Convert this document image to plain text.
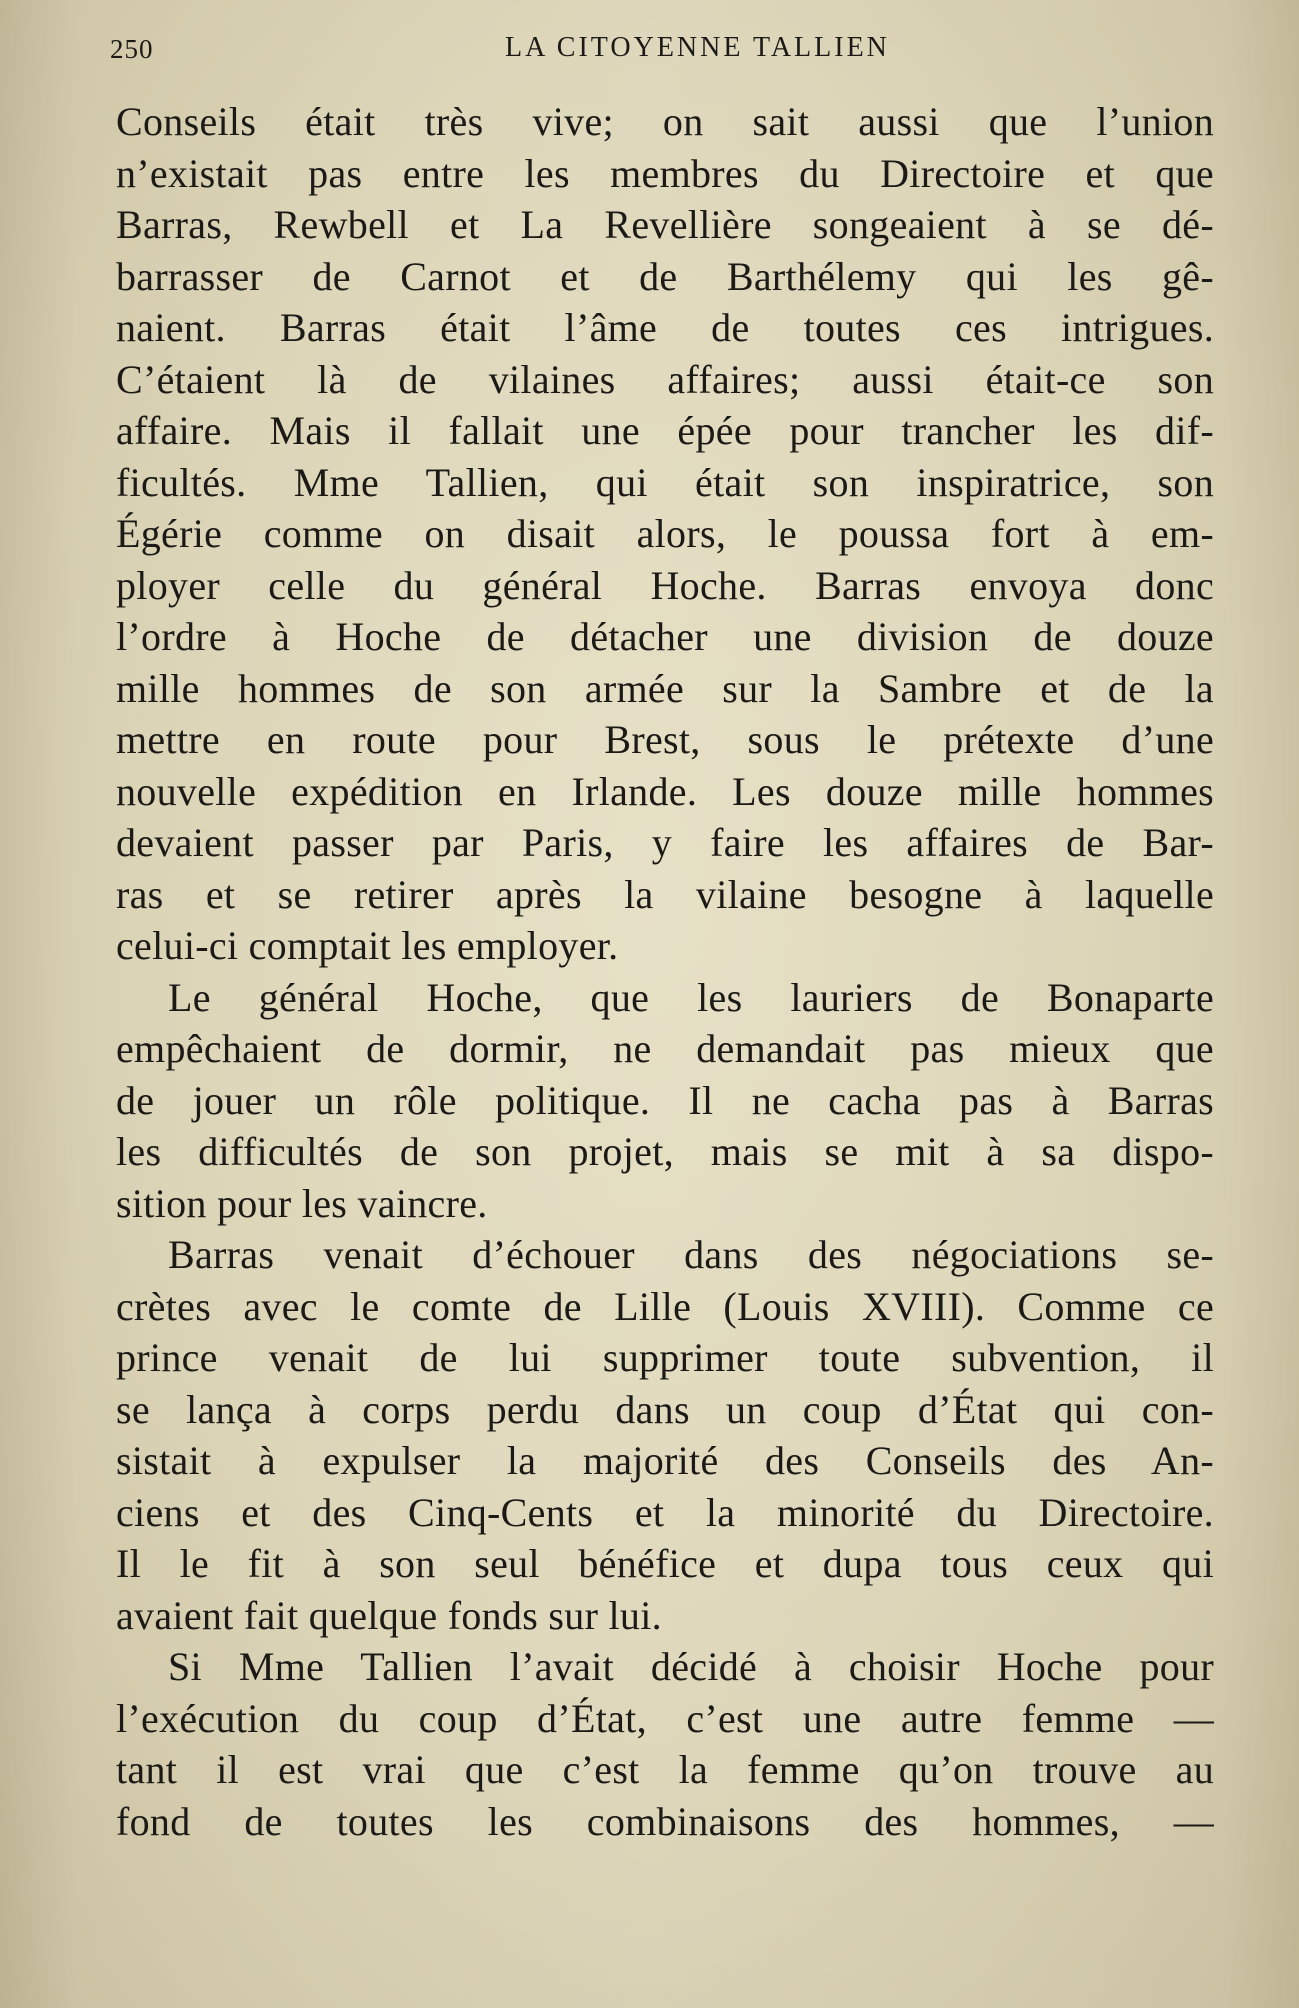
250	LA CITOYENNE TALLIEN
Conseils était très vive; on sait aussi que l’union
n’existait pas entre les membres du Directoire et que
Barras, Rewbell et La Revellière songeaient à se dé-
barrasser de Carnot et de Barthélemy qui les gê-
naient. Barras était l’âme de toutes ces intrigues.
C’étaient là de vilaines affaires; aussi était-ce son
affaire. Mais il fallait une épée pour trancher les dif-
ficultés. Mme Tallien, qui était son inspiratrice, son
Égérie comme on disait alors, le poussa fort à em-
ployer celle du général Hoche. Barras envoya donc
l’ordre à Hoche de détacher une division de douze
mille hommes de son armée sur la Sambre et de la
mettre en route pour Brest, sous le prétexte d’une
nouvelle expédition en Irlande. Les douze mille hommes
devaient passer par Paris, y faire les affaires de Bar-
ras et se retirer après la vilaine besogne à laquelle
celui-ci comptait les employer.
Le général Hoche, que les lauriers de Bonaparte
empêchaient de dormir, ne demandait pas mieux que
de jouer un rôle politique. Il ne cacha pas à Barras
les difficultés de son projet, mais se mit à sa dispo-
sition pour les vaincre.
Barras venait d’échouer dans des négociations se-
crètes avec le comte de Lille (Louis XVIII). Comme ce
prince venait de lui supprimer toute subvention, il
se lança à corps perdu dans un coup d’État qui con-
sistait à expulser la majorité des Conseils des An-
ciens et des Cinq-Cents et la minorité du Directoire.
Il le fit à son seul bénéfice et dupa tous ceux qui
avaient fait quelque fonds sur lui.
Si Mme Tallien l’avait décidé à choisir Hoche pour
l’exécution du coup d’État, c’est une autre femme —
tant il est vrai que c’est la femme qu’on trouve au
fond de toutes les combinaisons des hommes, —
